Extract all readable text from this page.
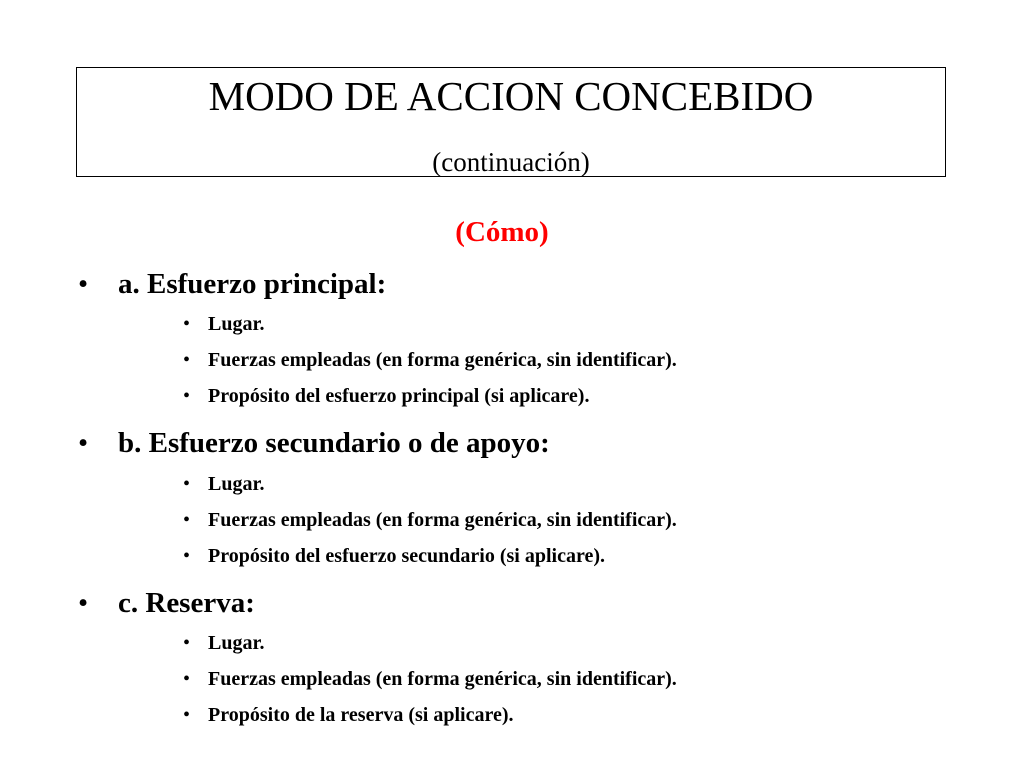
MODO DE ACCION CONCEBIDO
(continuación)
(Cómo)
• a. Esfuerzo principal:
• Lugar.
• Fuerzas empleadas (en forma genérica, sin identificar).
• Propósito del esfuerzo principal (si aplicare).
• b. Esfuerzo secundario o de apoyo:
• Lugar.
• Fuerzas empleadas (en forma genérica, sin identificar).
• Propósito del esfuerzo secundario (si aplicare).
• c. Reserva:
• Lugar.
• Fuerzas empleadas (en forma genérica, sin identificar).
• Propósito de la reserva (si aplicare).
